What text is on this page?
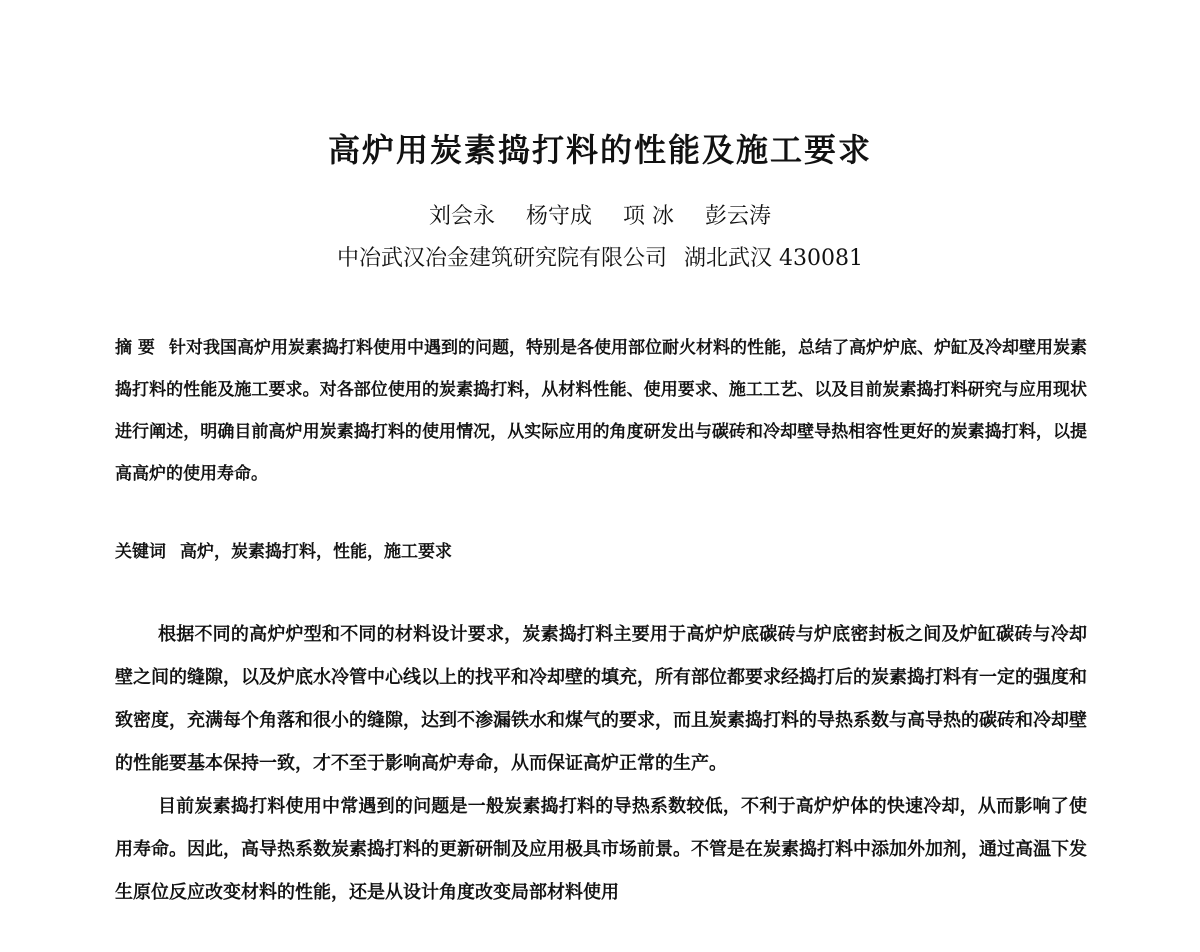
高炉用炭素捣打料的性能及施工要求
刘会永 杨守成 项 冰 彭云涛
中冶武汉冶金建筑研究院有限公司 湖北武汉 430081

摘 要 针对我国高炉用炭素捣打料使用中遇到的问题，特别是各使用部位耐火材料的性能，总结了高炉炉底、炉缸及冷却壁用炭素捣打料的性能及施工要求。对各部位使用的炭素捣打料，从材料性能、使用要求、施工工艺、以及目前炭素捣打料研究与应用现状进行阐述，明确目前高炉用炭素捣打料的使用情况，从实际应用的角度研发出与碳砖和冷却壁导热相容性更好的炭素捣打料，以提高高炉的使用寿命。

关键词 高炉，炭素捣打料，性能，施工要求

根据不同的高炉炉型和不同的材料设计要求，炭素捣打料主要用于高炉炉底碳砖与炉底密封板之间及炉缸碳砖与冷却壁之间的缝隙，以及炉底水冷管中心线以上的找平和冷却壁的填充，所有部位都要求经捣打后的炭素捣打料有一定的强度和致密度，充满每个角落和很小的缝隙，达到不渗漏铁水和煤气的要求，而且炭素捣打料的导热系数与高导热的碳砖和冷却壁的性能要基本保持一致，才不至于影响高炉寿命，从而保证高炉正常的生产。

目前炭素捣打料使用中常遇到的问题是一般炭素捣打料的导热系数较低，不利于高炉炉体的快速冷却，从而影响了使用寿命。因此，高导热系数炭素捣打料的更新研制及应用极具市场前景。不管是在炭素捣打料中添加外加剂，通过高温下发生原位反应改变材料的性能，还是从设计角度改变局部材料使用
